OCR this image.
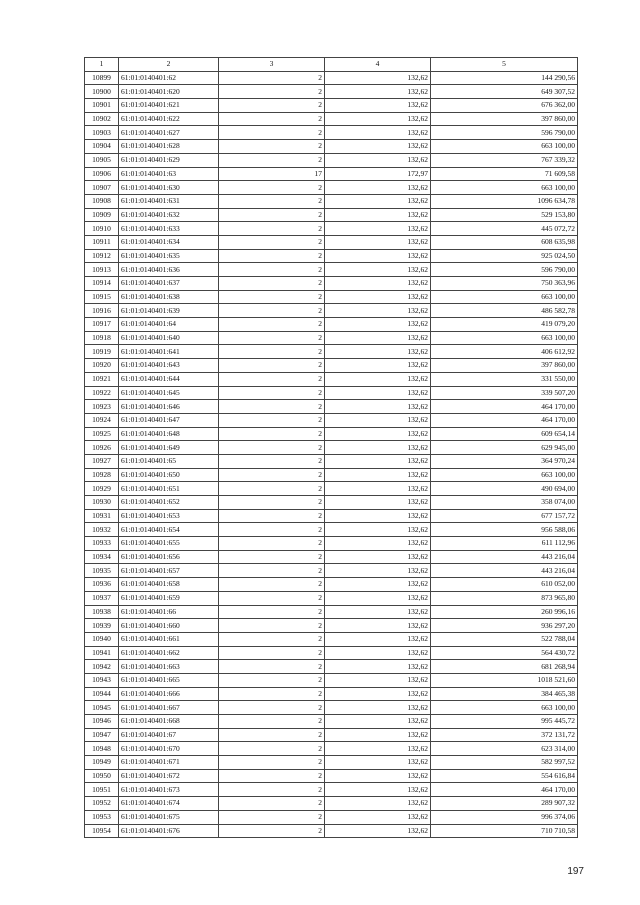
1	2	3	4	5
10899	61:01:0140401:62	2	132,62	144 290,56
10900	61:01:0140401:620	2	132,62	649 307,52
10901	61:01:0140401:621	2	132,62	676 362,00
10902	61:01:0140401:622	2	132,62	397 860,00
10903	61:01:0140401:627	2	132,62	596 790,00
10904	61:01:0140401:628	2	132,62	663 100,00
10905	61:01:0140401:629	2	132,62	767 339,32
10906	61:01:0140401:63	17	172,97	71 609,58
10907	61:01:0140401:630	2	132,62	663 100,00
10908	61:01:0140401:631	2	132,62	1096 634,78
10909	61:01:0140401:632	2	132,62	529 153,80
10910	61:01:0140401:633	2	132,62	445 072,72
10911	61:01:0140401:634	2	132,62	608 635,98
10912	61:01:0140401:635	2	132,62	925 024,50
10913	61:01:0140401:636	2	132,62	596 790,00
10914	61:01:0140401:637	2	132,62	750 363,96
10915	61:01:0140401:638	2	132,62	663 100,00
10916	61:01:0140401:639	2	132,62	486 582,78
10917	61:01:0140401:64	2	132,62	419 079,20
10918	61:01:0140401:640	2	132,62	663 100,00
10919	61:01:0140401:641	2	132,62	406 612,92
10920	61:01:0140401:643	2	132,62	397 860,00
10921	61:01:0140401:644	2	132,62	331 550,00
10922	61:01:0140401:645	2	132,62	339 507,20
10923	61:01:0140401:646	2	132,62	464 170,00
10924	61:01:0140401:647	2	132,62	464 170,00
10925	61:01:0140401:648	2	132,62	609 654,14
10926	61:01:0140401:649	2	132,62	629 945,00
10927	61:01:0140401:65	2	132,62	364 970,24
10928	61:01:0140401:650	2	132,62	663 100,00
10929	61:01:0140401:651	2	132,62	490 694,00
10930	61:01:0140401:652	2	132,62	358 074,00
10931	61:01:0140401:653	2	132,62	677 157,72
10932	61:01:0140401:654	2	132,62	956 588,06
10933	61:01:0140401:655	2	132,62	611 112,96
10934	61:01:0140401:656	2	132,62	443 216,04
10935	61:01:0140401:657	2	132,62	443 216,04
10936	61:01:0140401:658	2	132,62	610 052,00
10937	61:01:0140401:659	2	132,62	873 965,80
10938	61:01:0140401:66	2	132,62	260 996,16
10939	61:01:0140401:660	2	132,62	936 297,20
10940	61:01:0140401:661	2	132,62	522 788,04
10941	61:01:0140401:662	2	132,62	564 430,72
10942	61:01:0140401:663	2	132,62	681 268,94
10943	61:01:0140401:665	2	132,62	1018 521,60
10944	61:01:0140401:666	2	132,62	384 465,38
10945	61:01:0140401:667	2	132,62	663 100,00
10946	61:01:0140401:668	2	132,62	995 445,72
10947	61:01:0140401:67	2	132,62	372 131,72
10948	61:01:0140401:670	2	132,62	623 314,00
10949	61:01:0140401:671	2	132,62	582 997,52
10950	61:01:0140401:672	2	132,62	554 616,84
10951	61:01:0140401:673	2	132,62	464 170,00
10952	61:01:0140401:674	2	132,62	289 907,32
10953	61:01:0140401:675	2	132,62	996 374,06
10954	61:01:0140401:676	2	132,62	710 710,58
197
